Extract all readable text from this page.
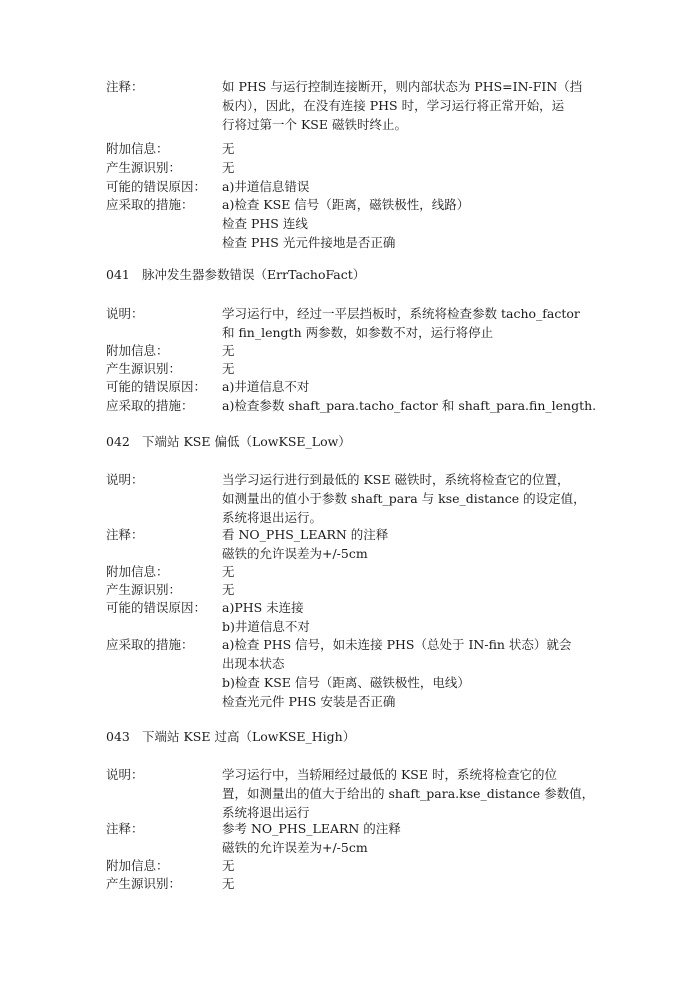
注释：	如 PHS 与运行控制连接断开，则内部状态为 PHS=IN-FIN（挡
板内），因此，在没有连接 PHS 时，学习运行将正常开始，运
行将过第一个 KSE 磁铁时终止。
附加信息：	无
产生源识别：	无
可能的错误原因：	a)井道信息错误
应采取的措施：	a)检查 KSE 信号（距离，磁铁极性，线路）
检查 PHS 连线
检查 PHS 光元件接地是否正确
041 脉冲发生器参数错误（ErrTachoFact）
说明：	学习运行中，经过一平层挡板时，系统将检查参数 tacho_factor
和 fin_length 两参数，如参数不对，运行将停止
附加信息：	无
产生源识别：	无
可能的错误原因：	a)井道信息不对
应采取的措施：	a)检查参数 shaft_para.tacho_factor 和 shaft_para.fin_length.
042 下端站 KSE 偏低（LowKSE_Low）
说明：	当学习运行进行到最低的 KSE 磁铁时，系统将检查它的位置，
如测量出的值小于参数 shaft_para 与 kse_distance 的设定值，
系统将退出运行。
注释：	看 NO_PHS_LEARN 的注释
磁铁的允许误差为+/-5cm
附加信息：	无
产生源识别：	无
可能的错误原因：	a)PHS 未连接
b)井道信息不对
应采取的措施：	a)检查 PHS 信号，如未连接 PHS（总处于 IN-fin 状态）就会
出现本状态
b)检查 KSE 信号（距离、磁铁极性，电线）
检查光元件 PHS 安装是否正确
043 下端站 KSE 过高（LowKSE_High）
说明：	学习运行中，当轿厢经过最低的 KSE 时，系统将检查它的位
置，如测量出的值大于给出的 shaft_para.kse_distance 参数值，
系统将退出运行
注释：	参考 NO_PHS_LEARN 的注释
磁铁的允许误差为+/-5cm
附加信息：	无
产生源识别：	无
